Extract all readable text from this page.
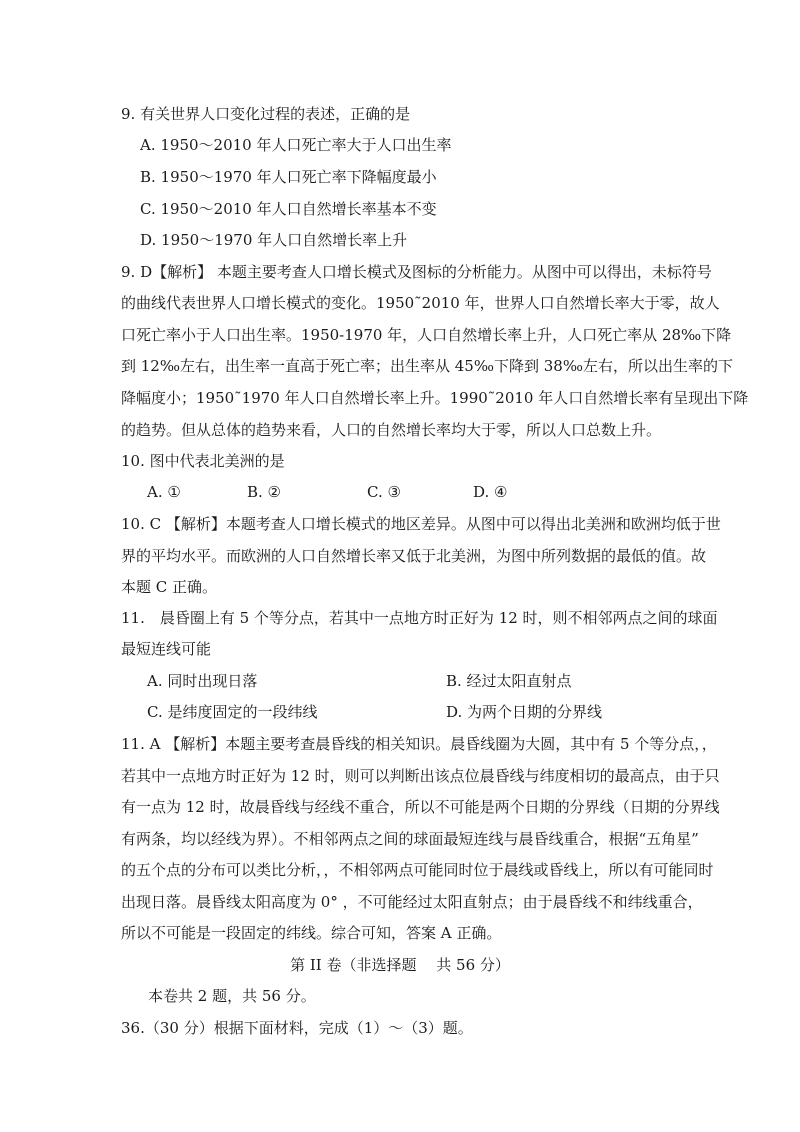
9. 有关世界人口变化过程的表述，正确的是
A. 1950～2010 年人口死亡率大于人口出生率
B. 1950～1970 年人口死亡率下降幅度最小
C. 1950～2010 年人口自然增长率基本不变
D. 1950～1970 年人口自然增长率上升
9. D【解析】 本题主要考查人口增长模式及图标的分析能力。从图中可以得出，未标符号
的曲线代表世界人口增长模式的变化。1950˜2010 年，世界人口自然增长率大于零，故人
口死亡率小于人口出生率。1950-1970 年，人口自然增长率上升，人口死亡率从 28‰下降
到 12‰左右，出生率一直高于死亡率；出生率从 45‰下降到 38‰左右，所以出生率的下
降幅度小；1950˜1970 年人口自然增长率上升。1990˜2010 年人口自然增长率有呈现出下降
的趋势。但从总体的趋势来看，人口的自然增长率均大于零，所以人口总数上升。
10. 图中代表北美洲的是
A. ①	B. ②	C. ③	D. ④
10. C 【解析】本题考查人口增长模式的地区差异。从图中可以得出北美洲和欧洲均低于世
界的平均水平。而欧洲的人口自然增长率又低于北美洲，为图中所列数据的最低的值。故
本题 C 正确。
11.　晨昏圈上有 5 个等分点，若其中一点地方时正好为 12 时，则不相邻两点之间的球面
最短连线可能
A. 同时出现日落	B. 经过太阳直射点
C. 是纬度固定的一段纬线	D. 为两个日期的分界线
11. A 【解析】本题主要考查晨昏线的相关知识。晨昏线圈为大圆，其中有 5 个等分点，，
若其中一点地方时正好为 12 时，则可以判断出该点位晨昏线与纬度相切的最高点，由于只
有一点为 12 时，故晨昏线与经线不重合，所以不可能是两个日期的分界线（日期的分界线
有两条，均以经线为界）。不相邻两点之间的球面最短连线与晨昏线重合，根据“五角星”
的五个点的分布可以类比分析，，不相邻两点可能同时位于晨线或昏线上，所以有可能同时
出现日落。晨昏线太阳高度为 0° ，不可能经过太阳直射点；由于晨昏线不和纬线重合，
所以不可能是一段固定的纬线。综合可知，答案 A 正确。
第 II 卷（非选择题　 共 56 分）
本卷共 2 题，共 56 分。
36.（30 分）根据下面材料，完成（1）～（3）题。
